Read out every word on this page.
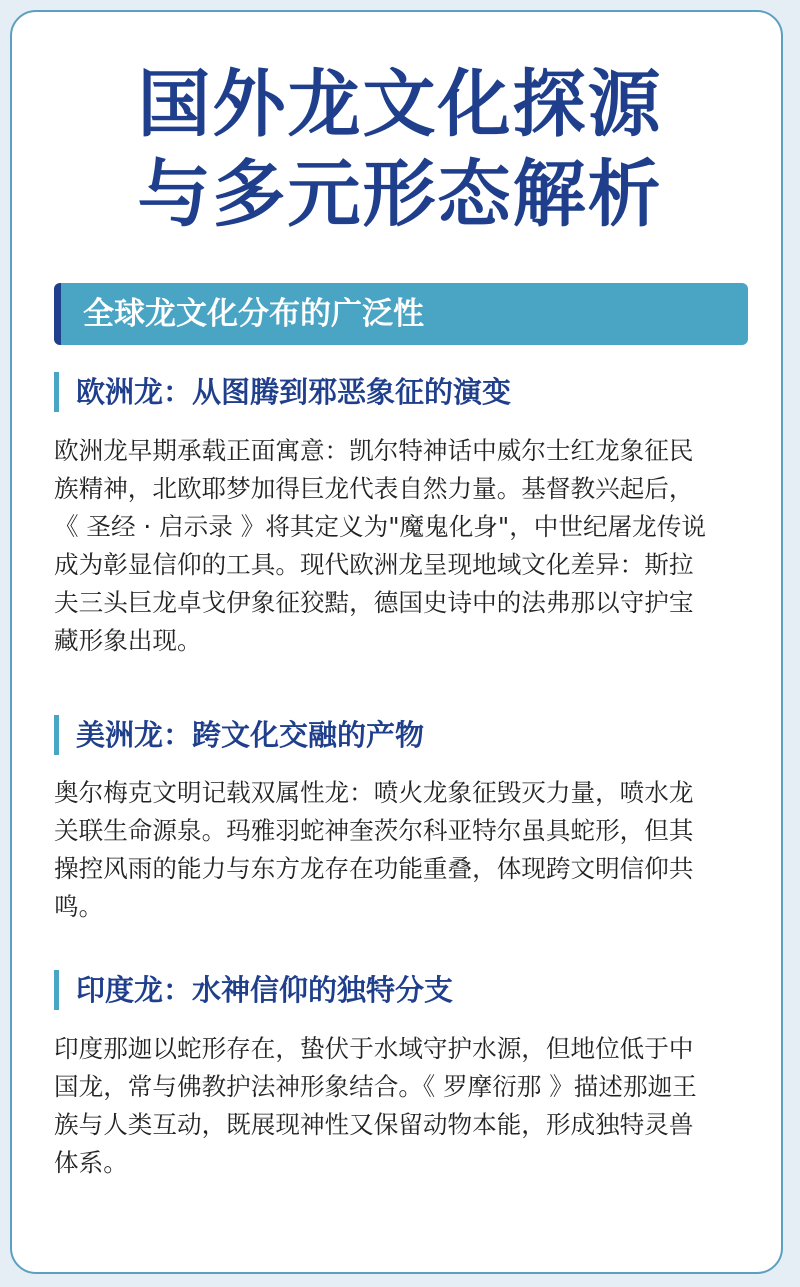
国外龙文化探源
与多元形态解析
全球龙文化分布的广泛性
欧洲龙：从图腾到邪恶象征的演变
欧洲龙早期承载正面寓意：凯尔特神话中威尔士红龙象征民
族精神，北欧耶梦加得巨龙代表自然力量。基督教兴起后，
《 圣经 · 启示录 》将其定义为"魔鬼化身"，中世纪屠龙传说
成为彰显信仰的工具。现代欧洲龙呈现地域文化差异：斯拉
夫三头巨龙卓戈伊象征狡黠，德国史诗中的法弗那以守护宝
藏形象出现。
美洲龙：跨文化交融的产物
奥尔梅克文明记载双属性龙：喷火龙象征毁灭力量，喷水龙
关联生命源泉。玛雅羽蛇神奎茨尔科亚特尔虽具蛇形，但其
操控风雨的能力与东方龙存在功能重叠，体现跨文明信仰共
鸣。
印度龙：水神信仰的独特分支
印度那迦以蛇形存在，蛰伏于水域守护水源，但地位低于中
国龙，常与佛教护法神形象结合。《 罗摩衍那 》描述那迦王
族与人类互动，既展现神性又保留动物本能，形成独特灵兽
体系。
